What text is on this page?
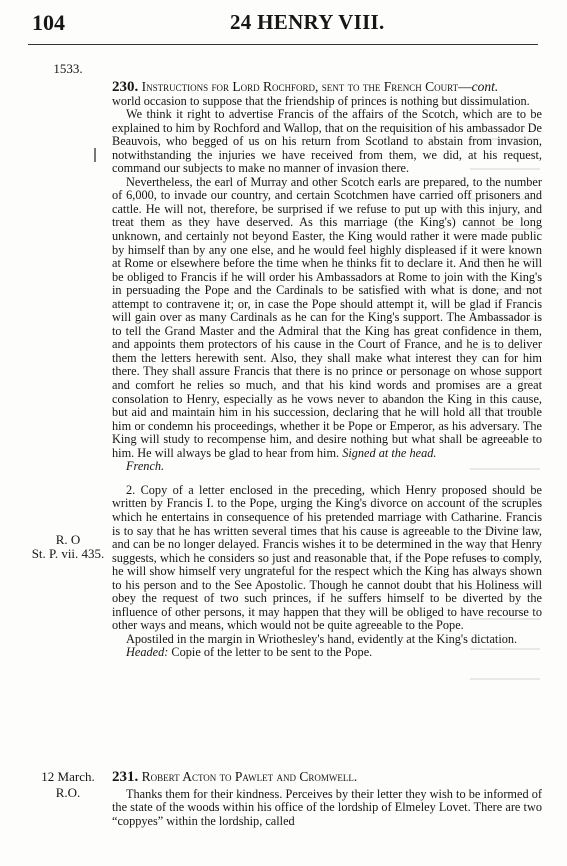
104	24 HENRY VIII.
1533.
R. O
St. P. vii. 435.
12 March.
R.O.

230. Instructions for Lord Rochford, sent to the French Court—cont.

world occasion to suppose that the friendship of princes is nothing but dissimulation.

We think it right to advertise Francis of the affairs of the Scotch, which are to be explained to him by Rochford and Wallop, that on the requisition of his ambassador De Beauvois, who begged of us on his return from Scotland to abstain from invasion, notwithstanding the injuries we have received from them, we did, at his request, command our subjects to make no manner of invasion there.

Nevertheless, the earl of Murray and other Scotch earls are prepared, to the number of 6,000, to invade our country, and certain Scotchmen have carried off prisoners and cattle. He will not, therefore, be surprised if we refuse to put up with this injury, and treat them as they have deserved. As this marriage (the King's) cannot be long unknown, and certainly not beyond Easter, the King would rather it were made public by himself than by any one else, and he would feel highly displeased if it were known at Rome or elsewhere before the time when he thinks fit to declare it. And then he will be obliged to Francis if he will order his Ambassadors at Rome to join with the King's in persuading the Pope and the Cardinals to be satisfied with what is done, and not attempt to contravene it; or, in case the Pope should attempt it, will be glad if Francis will gain over as many Cardinals as he can for the King's support. The Ambassador is to tell the Grand Master and the Admiral that the King has great confidence in them, and appoints them protectors of his cause in the Court of France, and he is to deliver them the letters herewith sent. Also, they shall make what interest they can for him there. They shall assure Francis that there is no prince or personage on whose support and comfort he relies so much, and that his kind words and promises are a great consolation to Henry, especially as he vows never to abandon the King in this cause, but aid and maintain him in his succession, declaring that he will hold all that trouble him or condemn his proceedings, whether it be Pope or Emperor, as his adversary. The King will study to recompense him, and desire nothing but what shall be agreeable to him. He will always be glad to hear from him. Signed at the head.

French.

2. Copy of a letter enclosed in the preceding, which Henry proposed should be written by Francis I. to the Pope, urging the King's divorce on account of the scruples which he entertains in consequence of his pretended marriage with Catharine. Francis is to say that he has written several times that his cause is agreeable to the Divine law, and can be no longer delayed. Francis wishes it to be determined in the way that Henry suggests, which he considers so just and reasonable that, if the Pope refuses to comply, he will show himself very ungrateful for the respect which the King has always shown to his person and to the See Apostolic. Though he cannot doubt that his Holiness will obey the request of two such princes, if he suffers himself to be diverted by the influence of other persons, it may happen that they will be obliged to have recourse to other ways and means, which would not be quite agreeable to the Pope.

Apostiled in the margin in Wriothesley's hand, evidently at the King's dictation.

Headed: Copie of the letter to be sent to the Pope.

231. Robert Acton to Pawlet and Cromwell.

Thanks them for their kindness. Perceives by their letter they wish to be informed of the state of the woods within his office of the lordship of Elmeley Lovet. There are two “coppyes” within the lordship, called
